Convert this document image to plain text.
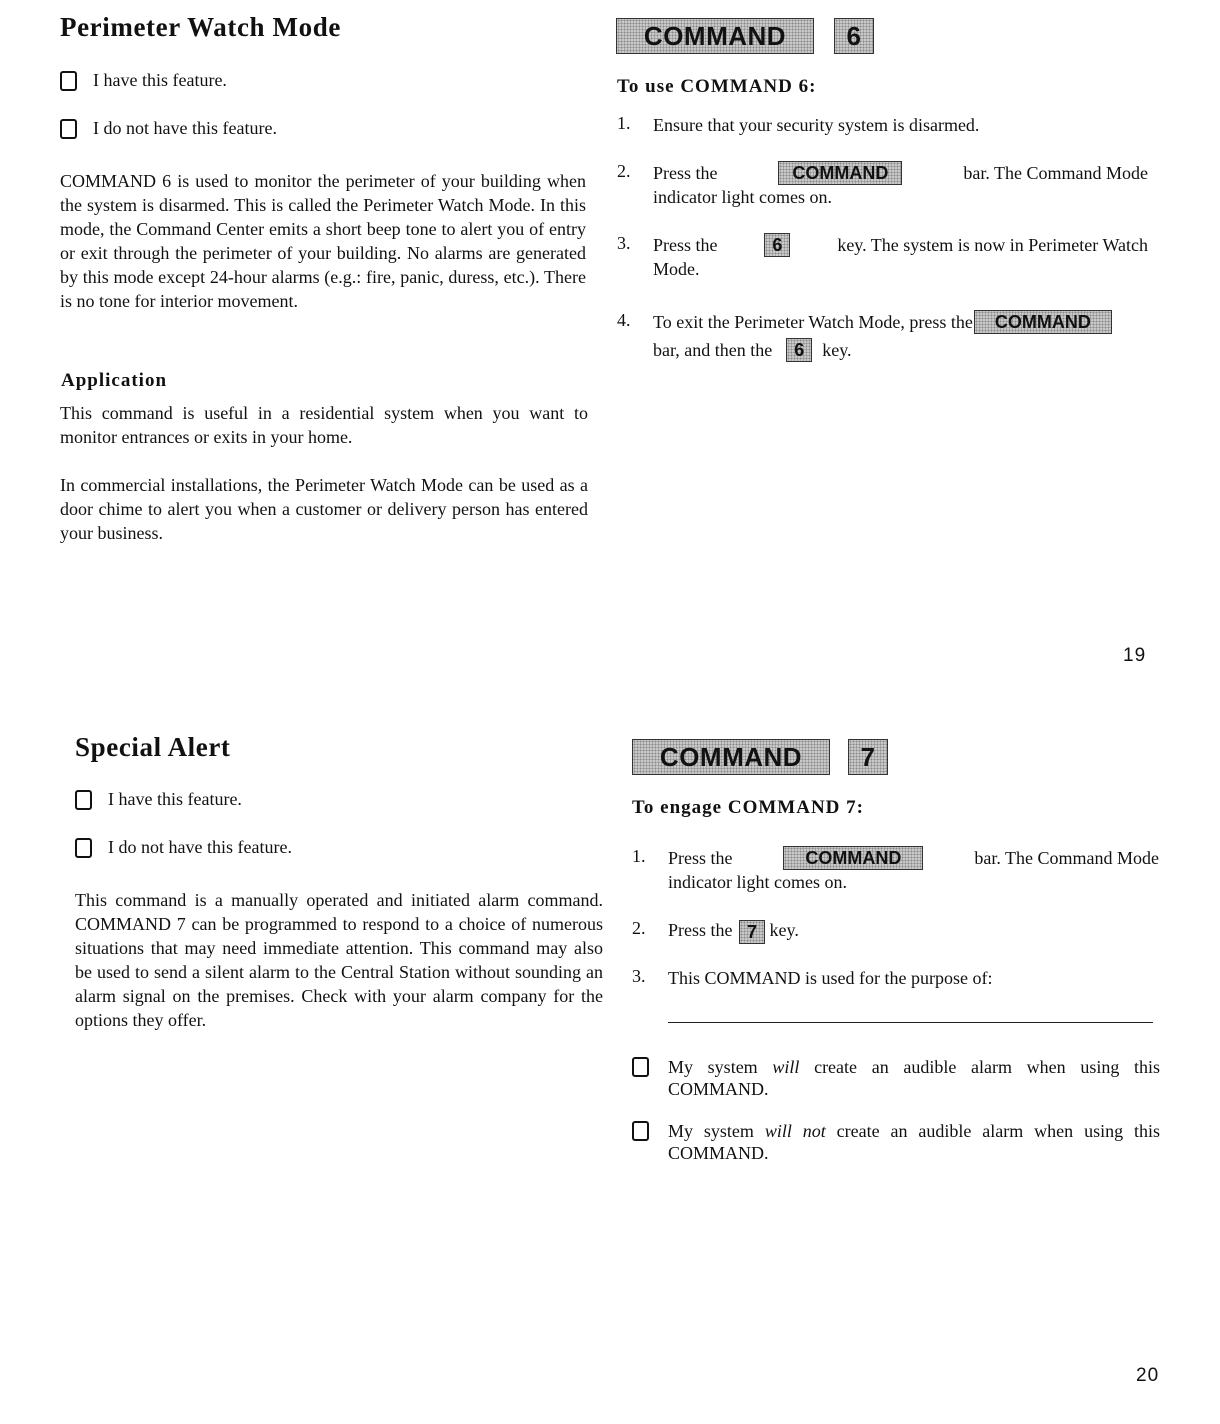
Perimeter Watch Mode
I have this feature.
I do not have this feature.
COMMAND 6 is used to monitor the perimeter of your building when the system is disarmed. This is called the Perimeter Watch Mode. In this mode, the Command Center emits a short beep tone to alert you of entry or exit through the perimeter of your building. No alarms are generated by this mode except 24-hour alarms (e.g.: fire, panic, duress, etc.). There is no tone for interior movement.
Application
This command is useful in a residential system when you want to monitor entrances or exits in your home.
In commercial installations, the Perimeter Watch Mode can be used as a door chime to alert you when a customer or delivery person has entered your business.
COMMAND	6
To use COMMAND 6:
1. Ensure that your security system is disarmed.
2. Press the	COMMAND	bar. The Command Mode
indicator light comes on.
3. Press the	6	key. The system is now in Perimeter Watch
Mode.
4. To exit the Perimeter Watch Mode, press the	COMMAND
bar, and then the	6	key.
19
Special Alert
I have this feature.
I do not have this feature.
This command is a manually operated and initiated alarm command. COMMAND 7 can be programmed to respond to a choice of numerous situations that may need immediate attention. This command may also be used to send a silent alarm to the Central Station without sounding an alarm signal on the premises. Check with your alarm company for the options they offer.
COMMAND	7
To engage COMMAND 7:
1. Press the	COMMAND	bar. The Command Mode
indicator light comes on.
2. Press the 7 key.
3. This COMMAND is used for the purpose of:
My system will create an audible alarm when using this COMMAND.
My system will not create an audible alarm when using this COMMAND.
20
